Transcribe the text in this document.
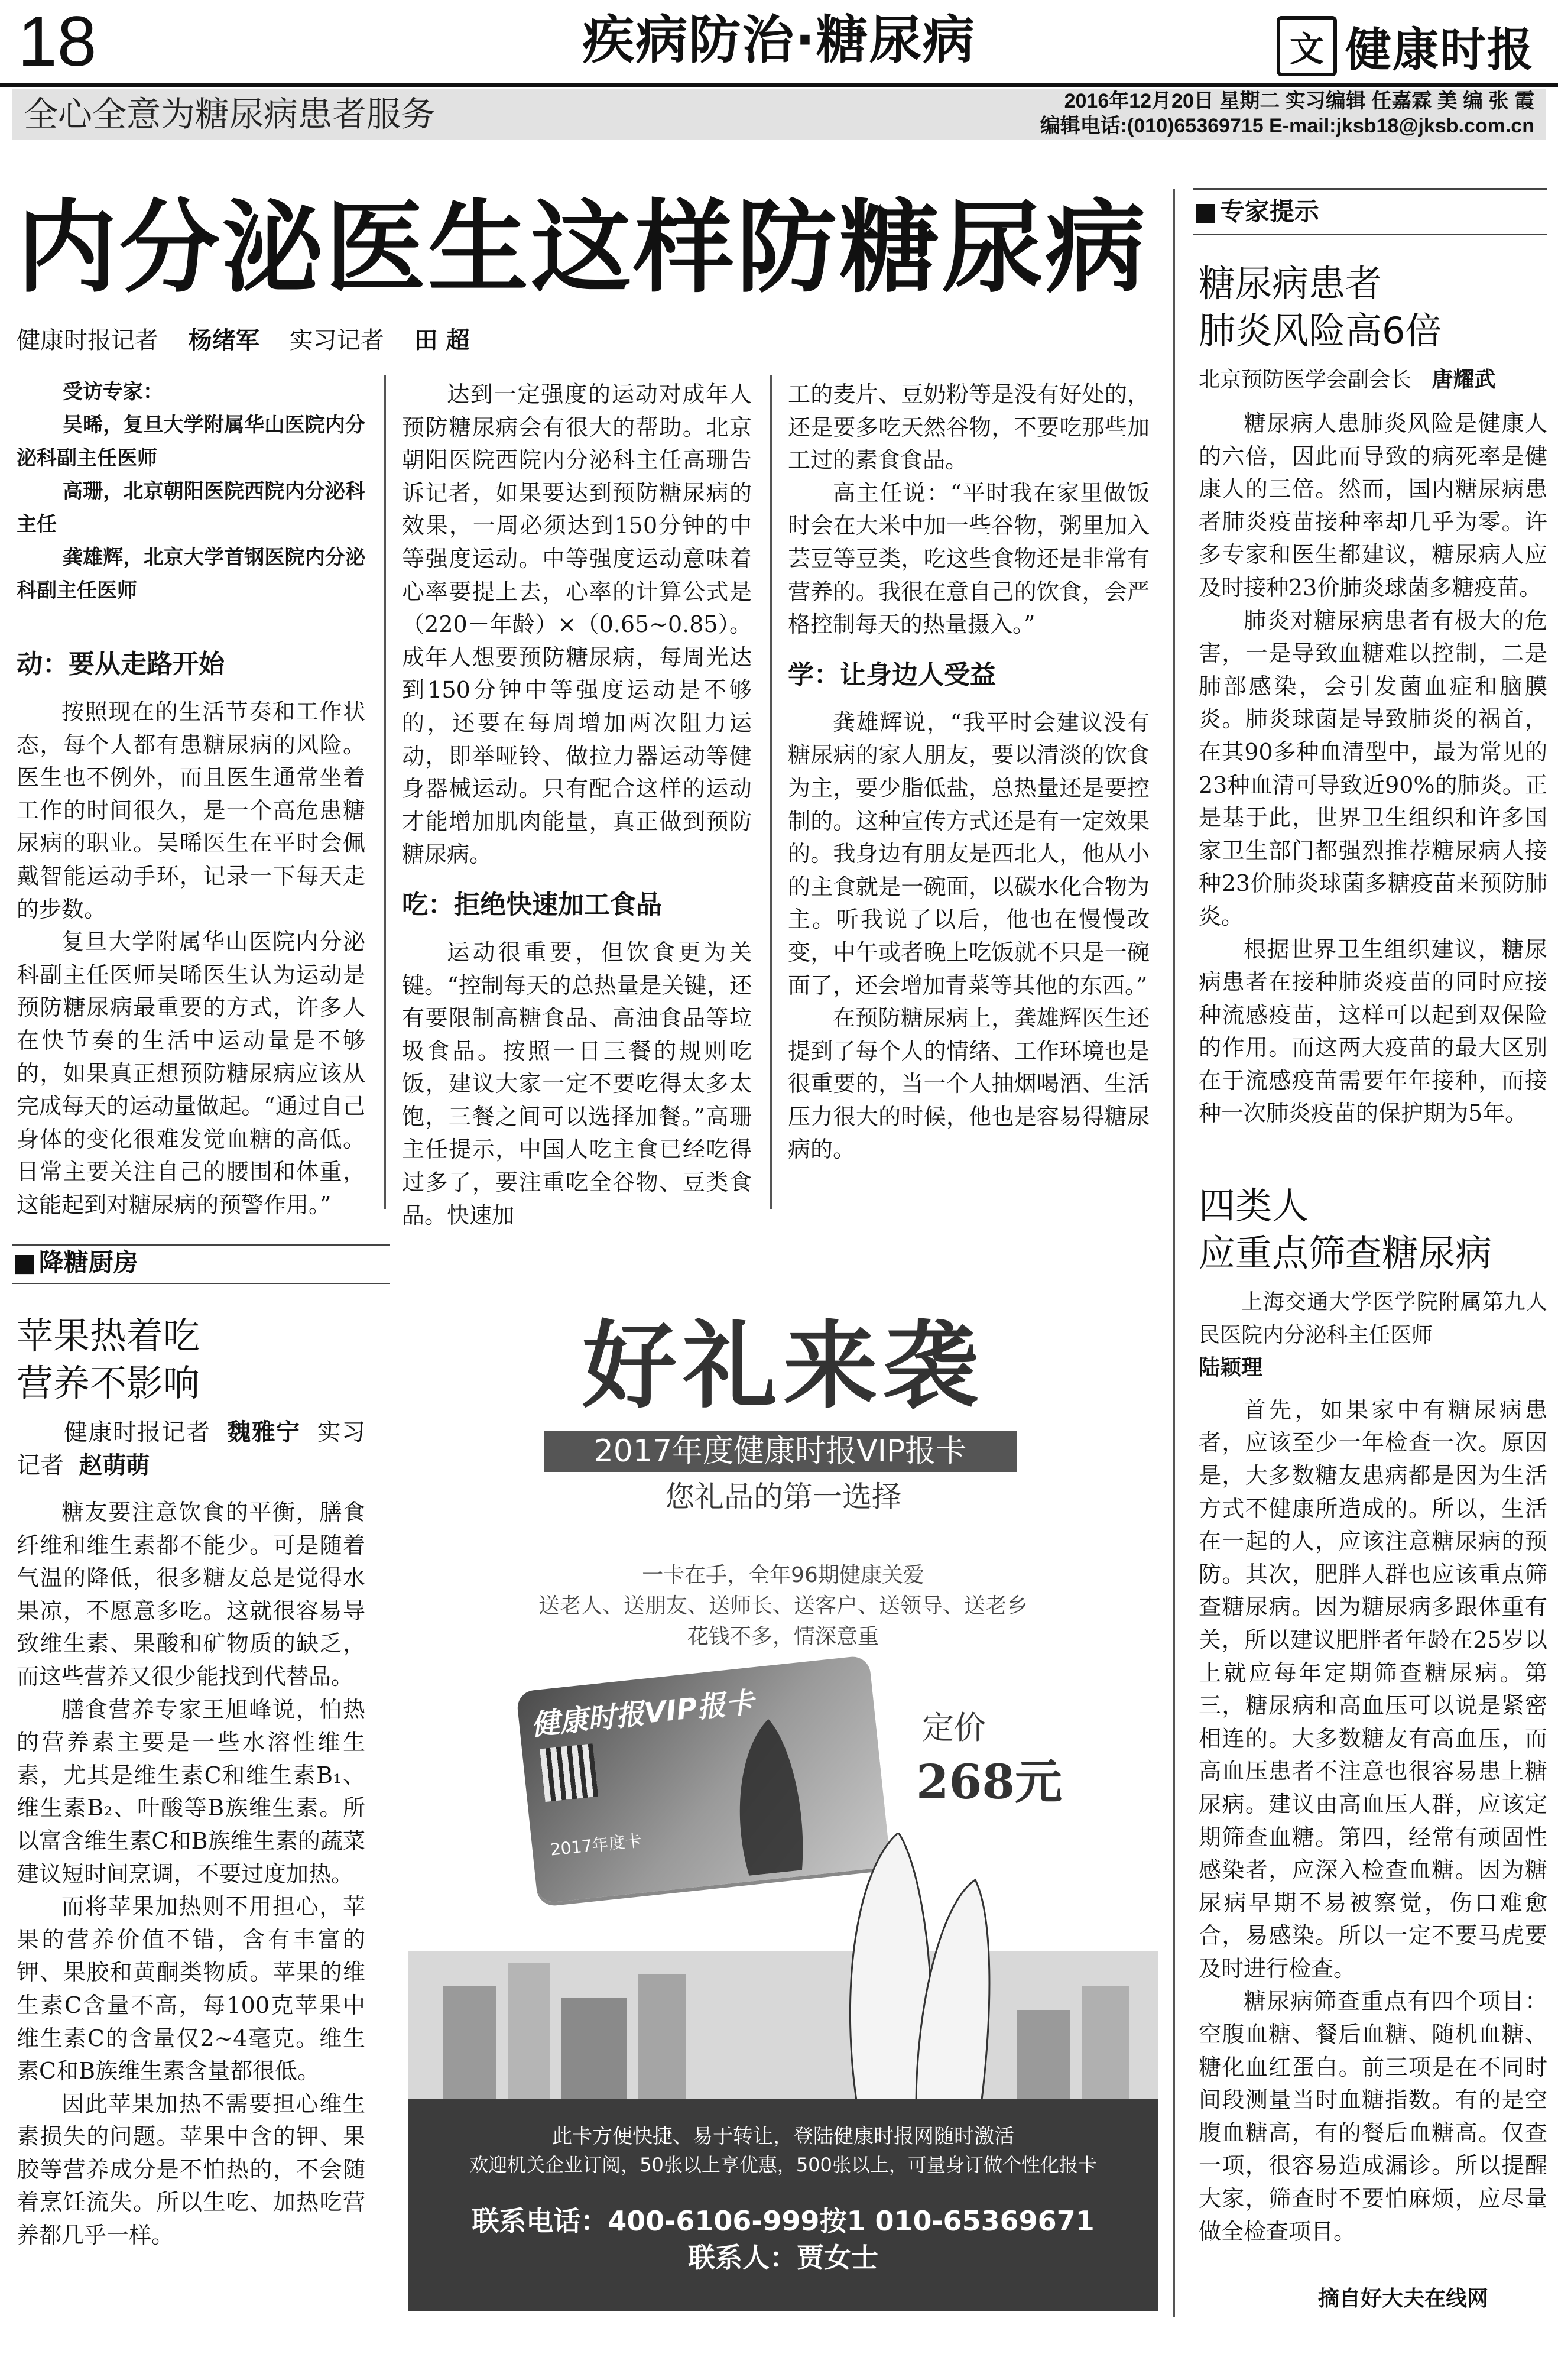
18	疾病防治·糖尿病	文 健康时报
全心全意为糖尿病患者服务	2016年12月20日 星期二 实习编辑 任嘉霖 美 编 张 霞
编辑电话:(010)65369715 E-mail:jksb18@jksb.com.cn
内分泌医生这样防糖尿病
健康时报记者 杨绪军 实习记者 田 超
受访专家：
吴晞，复旦大学附属华山医院内分泌科副主任医师
高珊，北京朝阳医院西院内分泌科主任
龚雄辉，北京大学首钢医院内分泌科副主任医师
动：要从走路开始

按照现在的生活节奏和工作状态，每个人都有患糖尿病的风险。医生也不例外，而且医生通常坐着工作的时间很久，是一个高危患糖尿病的职业。吴晞医生在平时会佩戴智能运动手环，记录一下每天走的步数。

复旦大学附属华山医院内分泌科副主任医师吴晞医生认为运动是预防糖尿病最重要的方式，许多人在快节奏的生活中运动量是不够的，如果真正想预防糖尿病应该从完成每天的运动量做起。“通过自己身体的变化很难发觉血糖的高低。日常主要关注自己的腰围和体重，这能起到对糖尿病的预警作用。”

达到一定强度的运动对成年人预防糖尿病会有很大的帮助。北京朝阳医院西院内分泌科主任高珊告诉记者，如果要达到预防糖尿病的效果，一周必须达到150分钟的中等强度运动。中等强度运动意味着心率要提上去，心率的计算公式是（220－年龄）×（0.65~0.85）。成年人想要预防糖尿病，每周光达到150分钟中等强度运动是不够的，还要在每周增加两次阻力运动，即举哑铃、做拉力器运动等健身器械运动。只有配合这样的运动才能增加肌肉能量，真正做到预防糖尿病。

吃：拒绝快速加工食品

运动很重要，但饮食更为关键。“控制每天的总热量是关键，还有要限制高糖食品、高油食品等垃圾食品。按照一日三餐的规则吃饭，建议大家一定不要吃得太多太饱，三餐之间可以选择加餐。”高珊主任提示，中国人吃主食已经吃得过多了，要注重吃全谷物、豆类食品。快速加

工的麦片、豆奶粉等是没有好处的，还是要多吃天然谷物，不要吃那些加工过的素食食品。

高主任说：“平时我在家里做饭时会在大米中加一些谷物，粥里加入芸豆等豆类，吃这些食物还是非常有营养的。我很在意自己的饮食，会严格控制每天的热量摄入。”

学：让身边人受益

龚雄辉说，“我平时会建议没有糖尿病的家人朋友，要以清淡的饮食为主，要少脂低盐，总热量还是要控制的。这种宣传方式还是有一定效果的。我身边有朋友是西北人，他从小的主食就是一碗面，以碳水化合物为主。听我说了以后，他也在慢慢改变，中午或者晚上吃饭就不只是一碗面了，还会增加青菜等其他的东西。”

在预防糖尿病上，龚雄辉医生还提到了每个人的情绪、工作环境也是很重要的，当一个人抽烟喝酒、生活压力很大的时候，他也是容易得糖尿病的。

■ 降糖厨房
苹果热着吃
营养不影响
健康时报记者 魏雅宁 实习记者 赵萌萌

糖友要注意饮食的平衡，膳食纤维和维生素都不能少。可是随着气温的降低，很多糖友总是觉得水果凉，不愿意多吃。这就很容易导致维生素、果酸和矿物质的缺乏，而这些营养又很少能找到代替品。

膳食营养专家王旭峰说，怕热的营养素主要是一些水溶性维生素，尤其是维生素C和维生素B₁、维生素B₂、叶酸等B族维生素。所以富含维生素C和B族维生素的蔬菜建议短时间烹调，不要过度加热。

而将苹果加热则不用担心，苹果的营养价值不错，含有丰富的钾、果胶和黄酮类物质。苹果的维生素C含量不高，每100克苹果中维生素C的含量仅2~4毫克。维生素C和B族维生素含量都很低。

因此苹果加热不需要担心维生素损失的问题。苹果中含的钾、果胶等营养成分是不怕热的，不会随着烹饪流失。所以生吃、加热吃营养都几乎一样。

好礼来袭
2017年度健康时报VIP报卡
您礼品的第一选择
一卡在手，全年96期健康关爱
送老人、送朋友、送师长、送客户、送领导、送老乡
花钱不多，情深意重
健康时报VIP报卡
2017年度卡
定价
268元
此卡方便快捷、易于转让，登陆健康时报网随时激活
欢迎机关企业订阅，50张以上享优惠，500张以上，可量身订做个性化报卡
联系电话：400-6106-999按1 010-65369671
联系人：贾女士
■ 专家提示
糖尿病患者
肺炎风险高6倍
北京预防医学会副会长 唐耀武

糖尿病人患肺炎风险是健康人的六倍，因此而导致的病死率是健康人的三倍。然而，国内糖尿病患者肺炎疫苗接种率却几乎为零。许多专家和医生都建议，糖尿病人应及时接种23价肺炎球菌多糖疫苗。

肺炎对糖尿病患者有极大的危害，一是导致血糖难以控制，二是肺部感染，会引发菌血症和脑膜炎。肺炎球菌是导致肺炎的祸首，在其90多种血清型中，最为常见的23种血清可导致近90%的肺炎。正是基于此，世界卫生组织和许多国家卫生部门都强烈推荐糖尿病人接种23价肺炎球菌多糖疫苗来预防肺炎。

根据世界卫生组织建议，糖尿病患者在接种肺炎疫苗的同时应接种流感疫苗，这样可以起到双保险的作用。而这两大疫苗的最大区别在于流感疫苗需要年年接种，而接种一次肺炎疫苗的保护期为5年。

四类人
应重点筛查糖尿病

上海交通大学医学院附属第九人民医院内分泌科主任医师

陆颖理

首先，如果家中有糖尿病患者，应该至少一年检查一次。原因是，大多数糖友患病都是因为生活方式不健康所造成的。所以，生活在一起的人，应该注意糖尿病的预防。其次，肥胖人群也应该重点筛查糖尿病。因为糖尿病多跟体重有关，所以建议肥胖者年龄在25岁以上就应每年定期筛查糖尿病。第三，糖尿病和高血压可以说是紧密相连的。大多数糖友有高血压，而高血压患者不注意也很容易患上糖尿病。建议由高血压人群，应该定期筛查血糖。第四，经常有顽固性感染者，应深入检查血糖。因为糖尿病早期不易被察觉，伤口难愈合，易感染。所以一定不要马虎要及时进行检查。

糖尿病筛查重点有四个项目：空腹血糖、餐后血糖、随机血糖、糖化血红蛋白。前三项是在不同时间段测量当时血糖指数。有的是空腹血糖高，有的餐后血糖高。仅查一项，很容易造成漏诊。所以提醒大家，筛查时不要怕麻烦，应尽量做全检查项目。

摘自好大夫在线网
